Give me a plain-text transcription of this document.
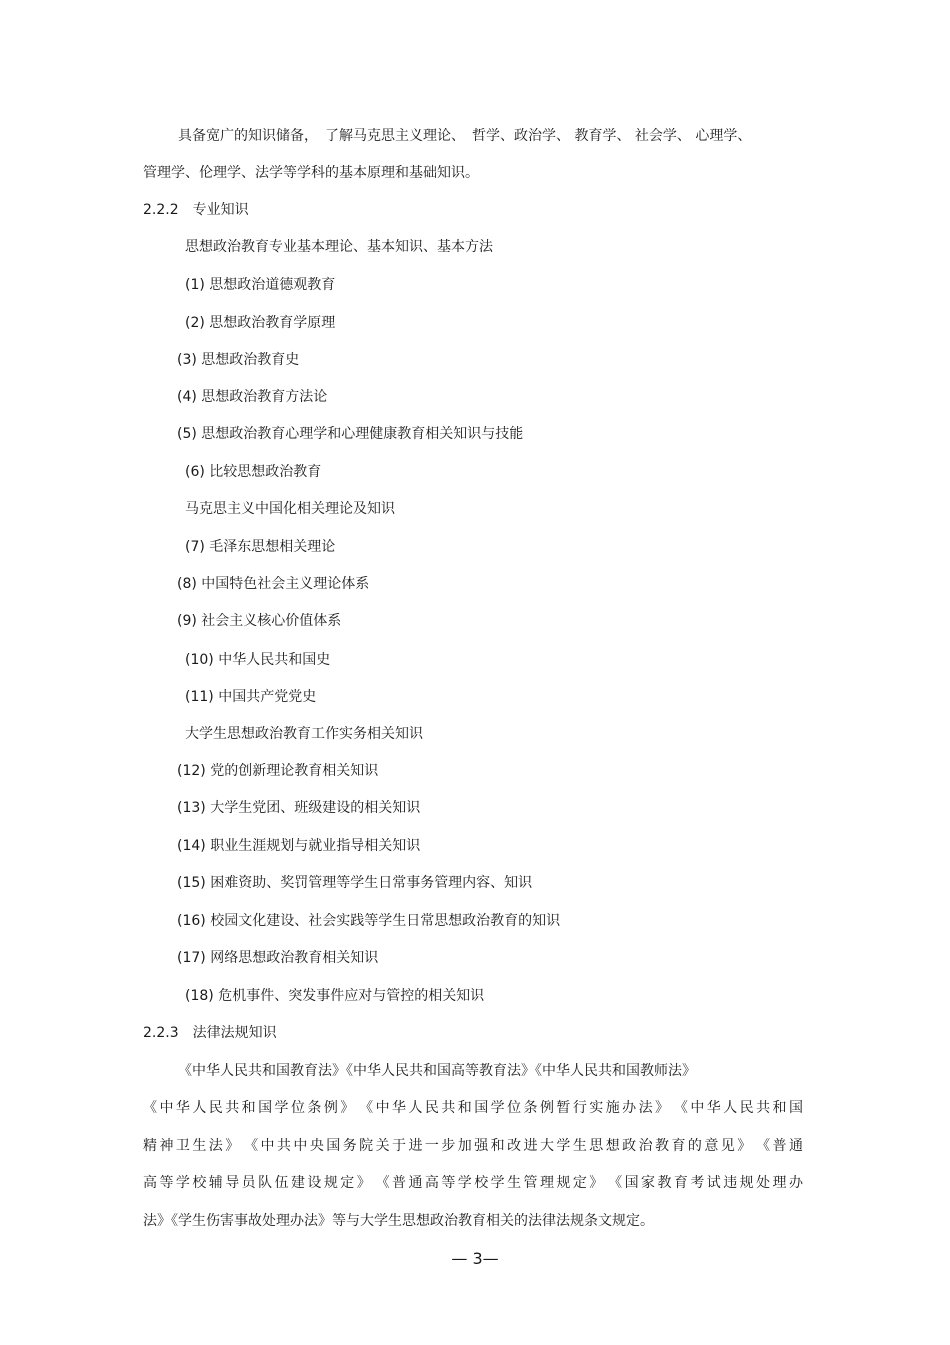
具备宽广的知识储备，　了解马克思主义理论、　哲学、政治学、 教育学、 社会学、 心理学、
管理学、伦理学、法学等学科的基本原理和基础知识。
2.2.2　专业知识
思想政治教育专业基本理论、基本知识、基本方法
(1) 思想政治道德观教育
(2) 思想政治教育学原理
(3) 思想政治教育史
(4) 思想政治教育方法论
(5) 思想政治教育心理学和心理健康教育相关知识与技能
(6) 比较思想政治教育
马克思主义中国化相关理论及知识
(7) 毛泽东思想相关理论
(8) 中国特色社会主义理论体系
(9) 社会主义核心价值体系
(10) 中华人民共和国史
(11) 中国共产党党史
大学生思想政治教育工作实务相关知识
(12) 党的创新理论教育相关知识
(13) 大学生党团、班级建设的相关知识
(14) 职业生涯规划与就业指导相关知识
(15) 困难资助、奖罚管理等学生日常事务管理内容、知识
(16) 校园文化建设、社会实践等学生日常思想政治教育的知识
(17) 网络思想政治教育相关知识
(18) 危机事件、突发事件应对与管控的相关知识
2.2.3　法律法规知识
《中华人民共和国教育法》《中华人民共和国高等教育法》《中华人民共和国教师法》
《中华人民共和国学位条例》　《中华人民共和国学位条例暂行实施办法》　《中华人民共和国
精神卫生法》　《中共中央国务院关于进一步加强和改进大学生思想政治教育的意见》　《普通
高等学校辅导员队伍建设规定》　《普通高等学校学生管理规定》　《国家教育考试违规处理办
法》《学生伤害事故处理办法》等与大学生思想政治教育相关的法律法规条文规定。
— 3—
